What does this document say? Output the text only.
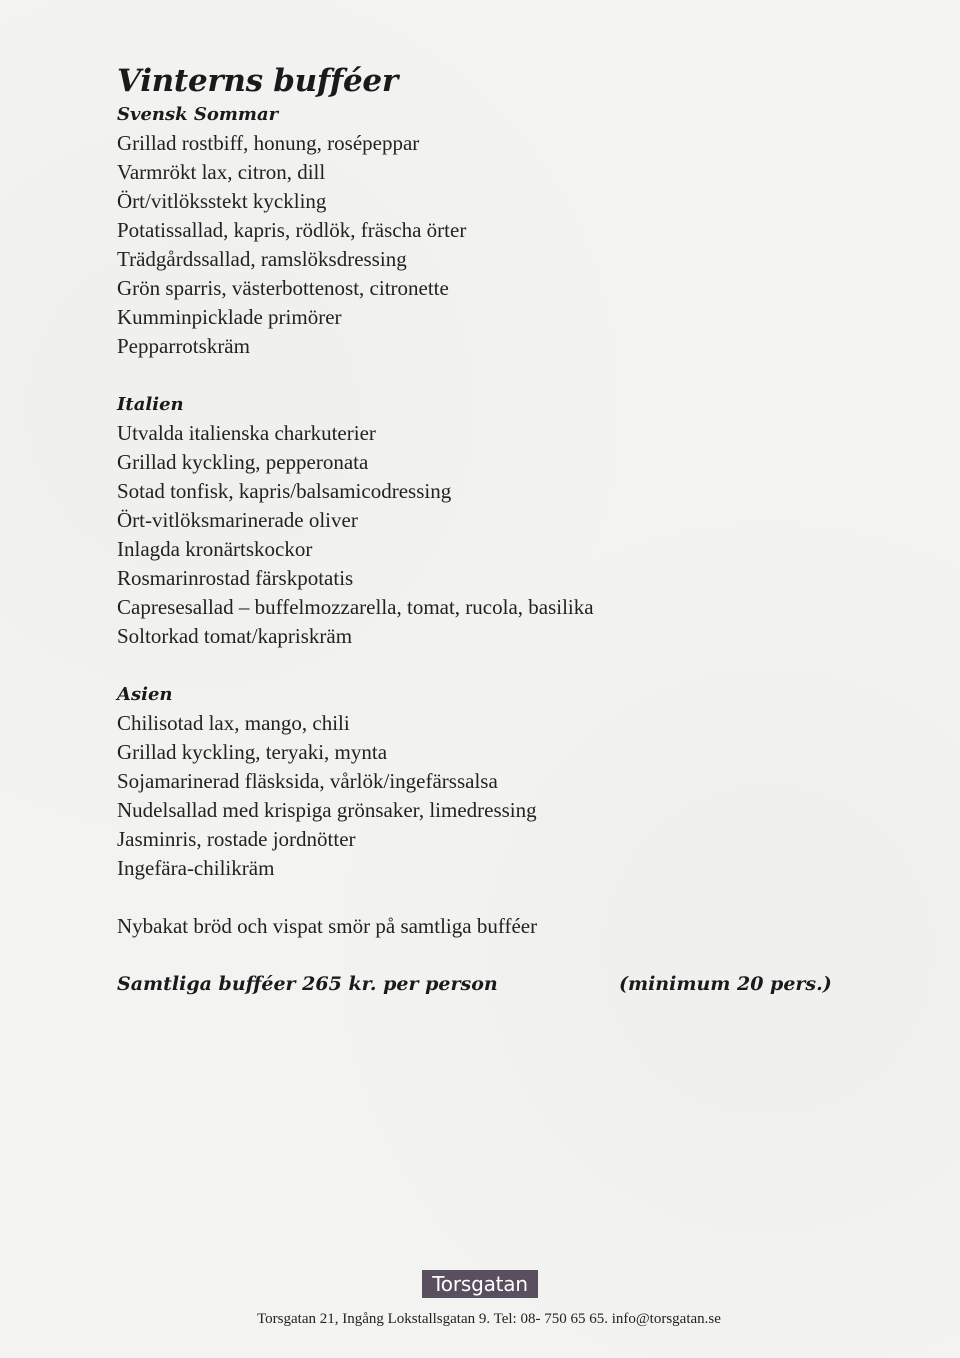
Vinterns bufféer
Svensk Sommar

Grillad rostbiff, honung, rosépeppar

Varmrökt lax, citron, dill

Ört/vitlöksstekt kyckling

Potatissallad, kapris, rödlök, fräscha örter

Trädgårdssallad, ramslöksdressing

Grön sparris, västerbottenost, citronette

Kumminpicklade primörer

Pepparrotskräm

Italien

Utvalda italienska charkuterier

Grillad kyckling, pepperonata

Sotad tonfisk, kapris/balsamicodressing

Ört-vitlöksmarinerade oliver

Inlagda kronärtskockor

Rosmarinrostad färskpotatis

Capresesallad – buffelmozzarella, tomat, rucola, basilika

Soltorkad tomat/kapriskräm

Asien

Chilisotad lax, mango, chili

Grillad kyckling, teryaki, mynta

Sojamarinerad fläsksida, vårlök/ingefärssalsa

Nudelsallad med krispiga grönsaker, limedressing

Jasminris, rostade jordnötter

Ingefära-chilikräm

Nybakat bröd och vispat smör på samtliga bufféer

Samtliga bufféer 265 kr. per person	(minimum 20 pers.)
Torsgatan
Torsgatan 21, Ingång Lokstallsgatan 9. Tel: 08- 750 65 65. info@torsgatan.se
